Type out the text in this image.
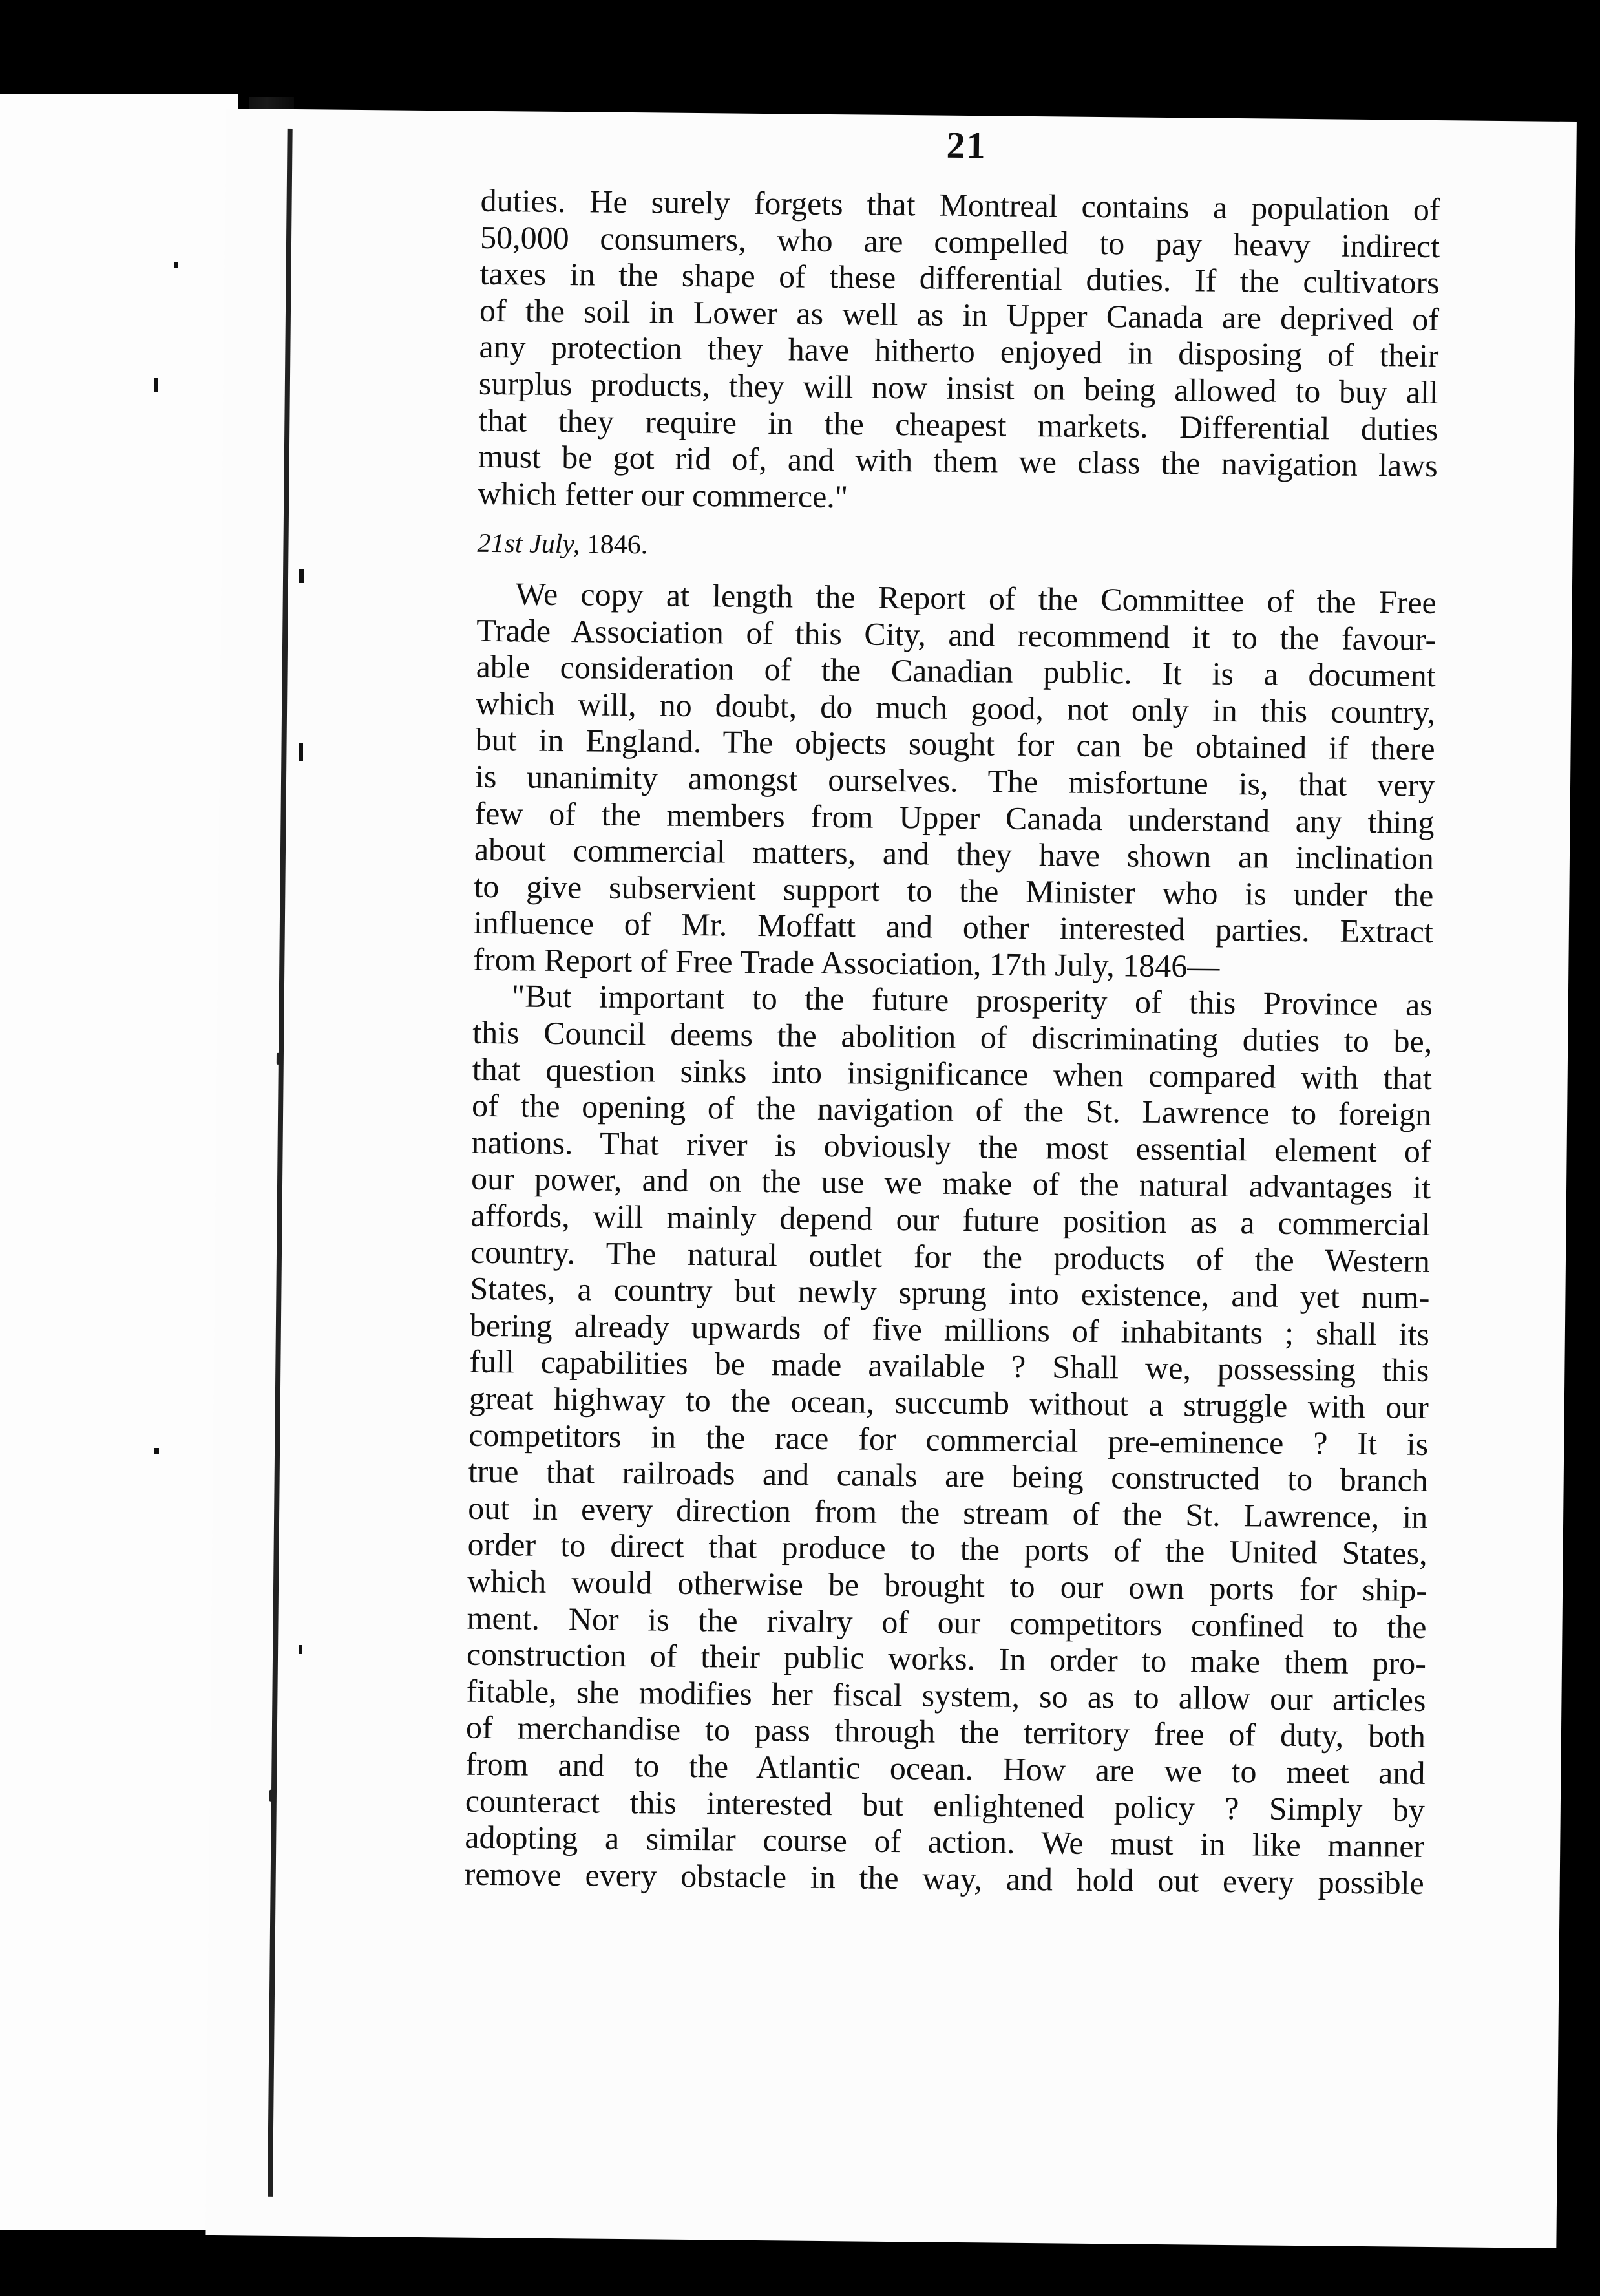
21

duties. He surely forgets that Montreal contains a population of
50,000 consumers, who are compelled to pay heavy indirect
taxes in the shape of these differential duties. If the cultivators
of the soil in Lower as well as in Upper Canada are deprived of
any protection they have hitherto enjoyed in disposing of their
surplus products, they will now insist on being allowed to buy all
that they require in the cheapest markets. Differential duties
must be got rid of, and with them we class the navigation laws
which fetter our commerce."

21st July, 1846.

We copy at length the Report of the Committee of the Free
Trade Association of this City, and recommend it to the favour-
able consideration of the Canadian public. It is a document
which will, no doubt, do much good, not only in this country,
but in England. The objects sought for can be obtained if there
is unanimity amongst ourselves. The misfortune is, that very
few of the members from Upper Canada understand any thing
about commercial matters, and they have shown an inclination
to give subservient support to the Minister who is under the
influence of Mr. Moffatt and other interested parties. Extract
from Report of Free Trade Association, 17th July, 1846—

"But important to the future prosperity of this Province as
this Council deems the abolition of discriminating duties to be,
that question sinks into insignificance when compared with that
of the opening of the navigation of the St. Lawrence to foreign
nations. That river is obviously the most essential element of
our power, and on the use we make of the natural advantages it
affords, will mainly depend our future position as a commercial
country. The natural outlet for the products of the Western
States, a country but newly sprung into existence, and yet num-
bering already upwards of five millions of inhabitants ; shall its
full capabilities be made available ? Shall we, possessing this
great highway to the ocean, succumb without a struggle with our
competitors in the race for commercial pre-eminence ? It is
true that railroads and canals are being constructed to branch
out in every direction from the stream of the St. Lawrence, in
order to direct that produce to the ports of the United States,
which would otherwise be brought to our own ports for ship-
ment. Nor is the rivalry of our competitors confined to the
construction of their public works. In order to make them pro-
fitable, she modifies her fiscal system, so as to allow our articles
of merchandise to pass through the territory free of duty, both
from and to the Atlantic ocean. How are we to meet and
counteract this interested but enlightened policy ? Simply by
adopting a similar course of action. We must in like manner
remove every obstacle in the way, and hold out every possible
